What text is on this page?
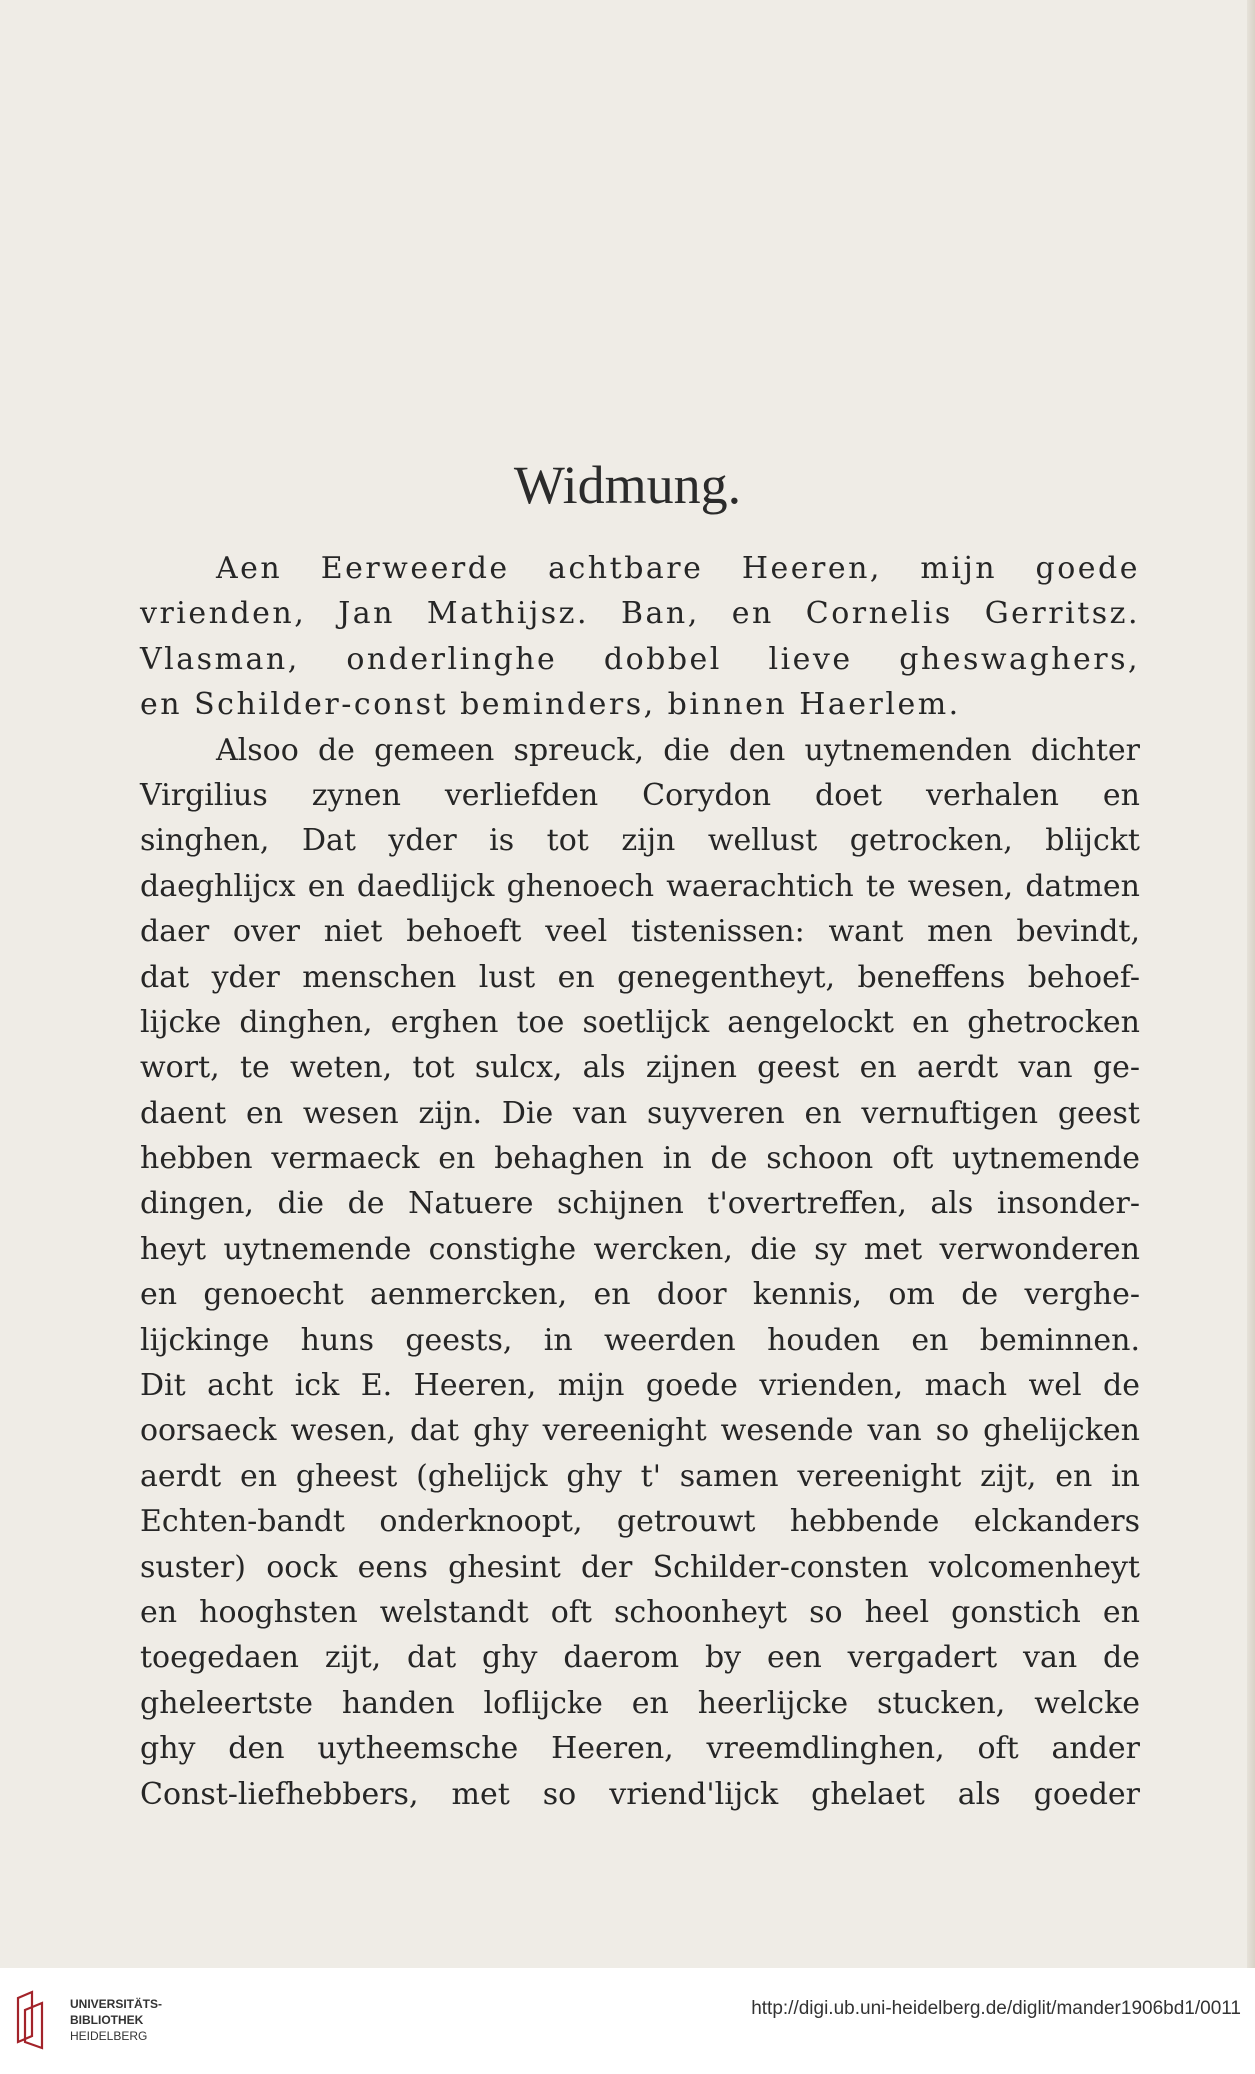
Widmung.
Aen Eerweerde achtbare Heeren, mijn goede
vrienden, Jan Mathijsz. Ban, en Cornelis Gerritsz.
Vlasman, onderlinghe dobbel lieve gheswaghers,
en Schilder-const beminders, binnen Haerlem.
Alsoo de gemeen spreuck, die den uytnemenden dichter
Virgilius zynen verliefden Corydon doet verhalen en
singhen, Dat yder is tot zijn wellust getrocken, blijckt
daeghlijcx en daedlijck ghenoech waerachtich te wesen, datmen
daer over niet behoeft veel tistenissen: want men bevindt,
dat yder menschen lust en genegentheyt, beneffens behoef-
lijcke dinghen, erghen toe soetlijck aengelockt en ghetrocken
wort, te weten, tot sulcx, als zijnen geest en aerdt van ge-
daent en wesen zijn. Die van suyveren en vernuftigen geest
hebben vermaeck en behaghen in de schoon oft uytnemende
dingen, die de Natuere schijnen t'overtreffen, als insonder-
heyt uytnemende constighe wercken, die sy met verwonderen
en genoecht aenmercken, en door kennis, om de verghe-
lijckinge huns geests, in weerden houden en beminnen.
Dit acht ick E. Heeren, mijn goede vrienden, mach wel de
oorsaeck wesen, dat ghy vereenight wesende van so ghelijcken
aerdt en gheest (ghelijck ghy t' samen vereenight zijt, en in
Echten-bandt onderknoopt, getrouwt hebbende elckanders
suster) oock eens ghesint der Schilder-consten volcomenheyt
en hooghsten welstandt oft schoonheyt so heel gonstich en
toegedaen zijt, dat ghy daerom by een vergadert van de
gheleertste handen loflijcke en heerlijcke stucken, welcke
ghy den uytheemsche Heeren, vreemdlinghen, oft ander
Const-liefhebbers, met so vriend'lijck ghelaet als goeder
UNIVERSITÄTS-
BIBLIOTHEK
HEIDELBERG
http://digi.ub.uni-heidelberg.de/diglit/mander1906bd1/0011
